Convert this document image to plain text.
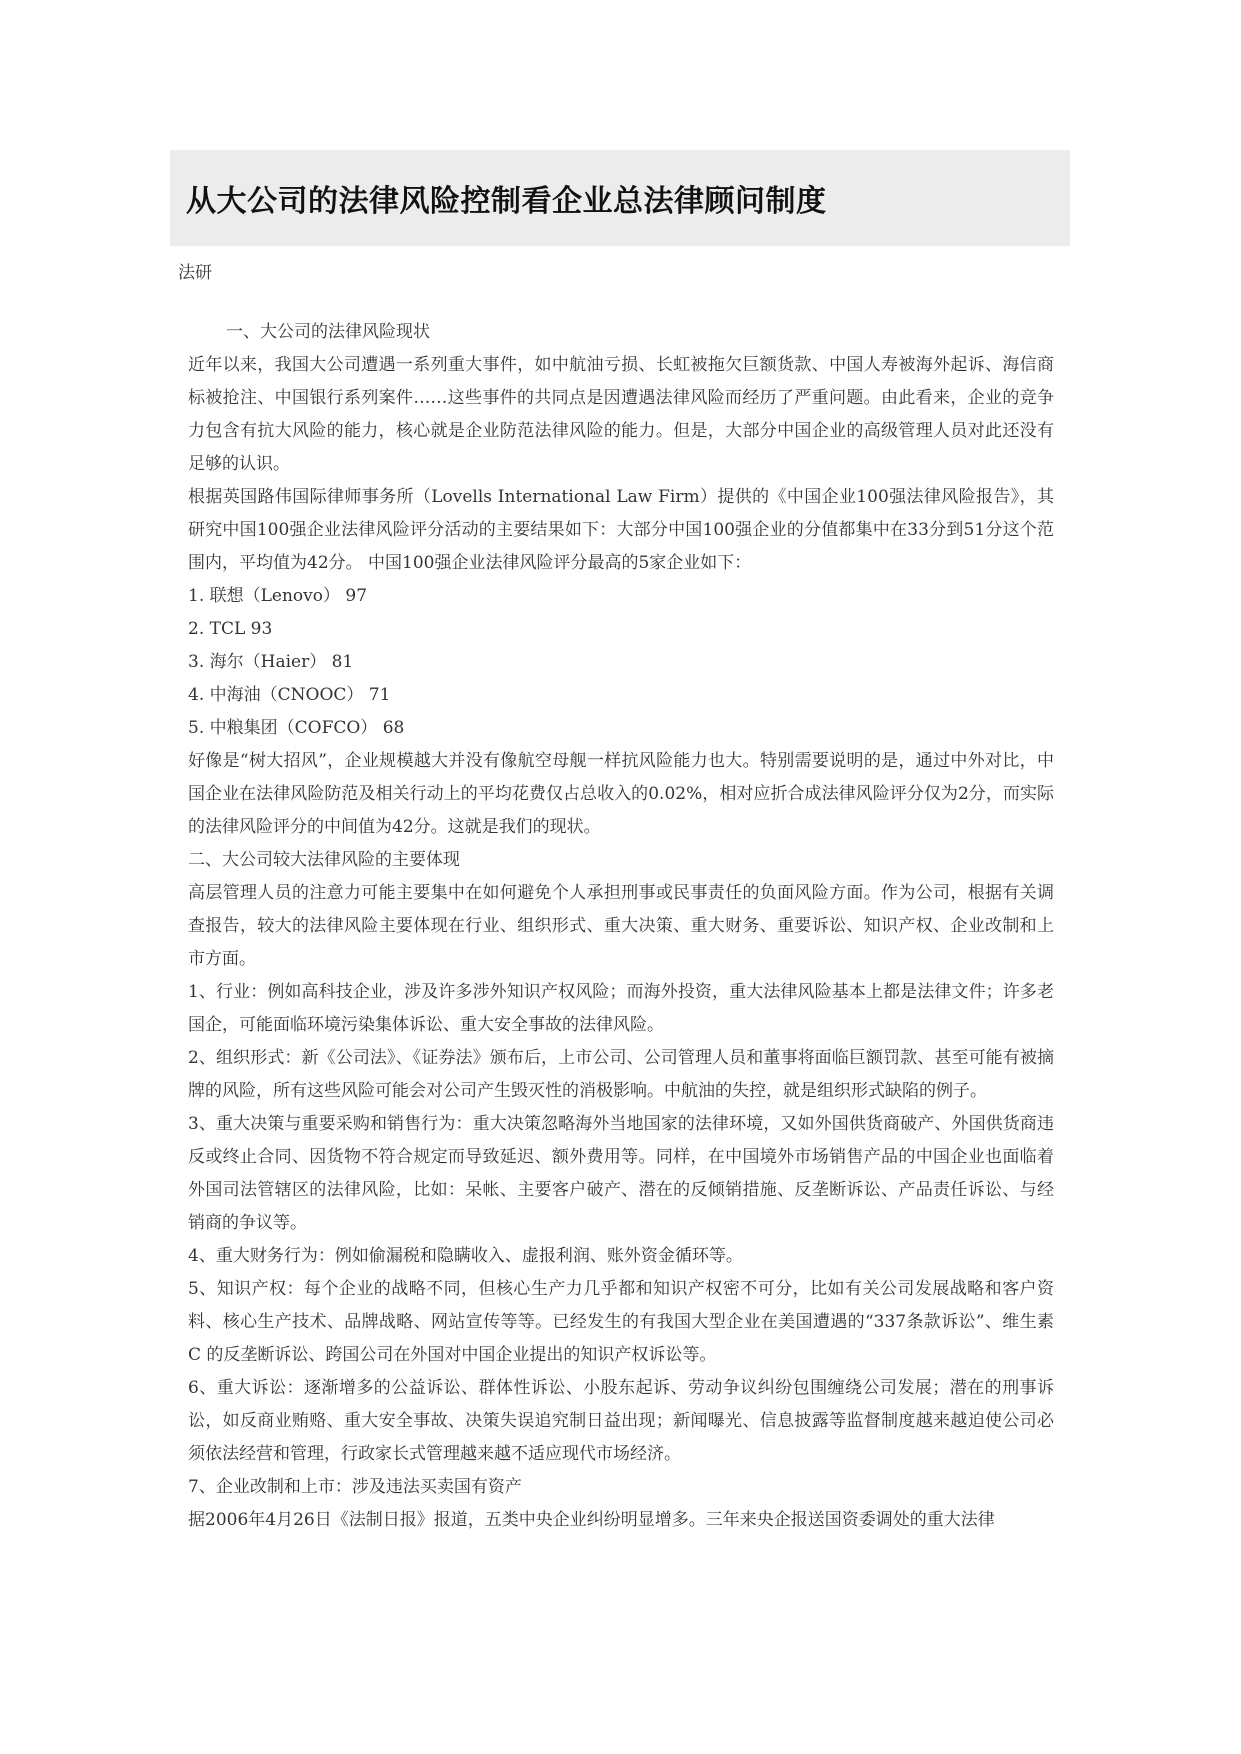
从大公司的法律风险控制看企业总法律顾问制度
法研

一、大公司的法律风险现状

近年以来，我国大公司遭遇一系列重大事件，如中航油亏损、长虹被拖欠巨额货款、中国人寿被海外起诉、海信商标被抢注、中国银行系列案件……这些事件的共同点是因遭遇法律风险而经历了严重问题。由此看来，企业的竞争力包含有抗大风险的能力，核心就是企业防范法律风险的能力。但是，大部分中国企业的高级管理人员对此还没有足够的认识。

根据英国路伟国际律师事务所（Lovells International Law Firm）提供的《中国企业100强法律风险报告》，其研究中国100强企业法律风险评分活动的主要结果如下：大部分中国100强企业的分值都集中在33分到51分这个范围内，平均值为42分。 中国100强企业法律风险评分最高的5家企业如下：

1. 联想（Lenovo） 97

2. TCL 93

3. 海尔（Haier） 81

4. 中海油（CNOOC） 71

5. 中粮集团（COFCO） 68

好像是“树大招风”，企业规模越大并没有像航空母舰一样抗风险能力也大。特别需要说明的是，通过中外对比，中国企业在法律风险防范及相关行动上的平均花费仅占总收入的0.02%，相对应折合成法律风险评分仅为2分，而实际的法律风险评分的中间值为42分。这就是我们的现状。

二、大公司较大法律风险的主要体现

高层管理人员的注意力可能主要集中在如何避免个人承担刑事或民事责任的负面风险方面。作为公司，根据有关调查报告，较大的法律风险主要体现在行业、组织形式、重大决策、重大财务、重要诉讼、知识产权、企业改制和上市方面。

1、行业：例如高科技企业，涉及许多涉外知识产权风险；而海外投资，重大法律风险基本上都是法律文件；许多老国企，可能面临环境污染集体诉讼、重大安全事故的法律风险。

2、组织形式：新《公司法》、《证券法》颁布后，上市公司、公司管理人员和董事将面临巨额罚款、甚至可能有被摘牌的风险，所有这些风险可能会对公司产生毁灭性的消极影响。中航油的失控，就是组织形式缺陷的例子。

3、重大决策与重要采购和销售行为：重大决策忽略海外当地国家的法律环境，又如外国供货商破产、外国供货商违反或终止合同、因货物不符合规定而导致延迟、额外费用等。同样，在中国境外市场销售产品的中国企业也面临着外国司法管辖区的法律风险，比如：呆帐、主要客户破产、潜在的反倾销措施、反垄断诉讼、产品责任诉讼、与经销商的争议等。

4、重大财务行为：例如偷漏税和隐瞒收入、虚报利润、账外资金循环等。

5、知识产权：每个企业的战略不同，但核心生产力几乎都和知识产权密不可分，比如有关公司发展战略和客户资料、核心生产技术、品牌战略、网站宣传等等。已经发生的有我国大型企业在美国遭遇的“337条款诉讼”、维生素 C 的反垄断诉讼、跨国公司在外国对中国企业提出的知识产权诉讼等。

6、重大诉讼：逐渐增多的公益诉讼、群体性诉讼、小股东起诉、劳动争议纠纷包围缠绕公司发展；潜在的刑事诉讼，如反商业贿赂、重大安全事故、决策失误追究制日益出现；新闻曝光、信息披露等监督制度越来越迫使公司必须依法经营和管理，行政家长式管理越来越不适应现代市场经济。

7、企业改制和上市：涉及违法买卖国有资产

据2006年4月26日《法制日报》报道，五类中央企业纠纷明显增多。三年来央企报送国资委调处的重大法律
